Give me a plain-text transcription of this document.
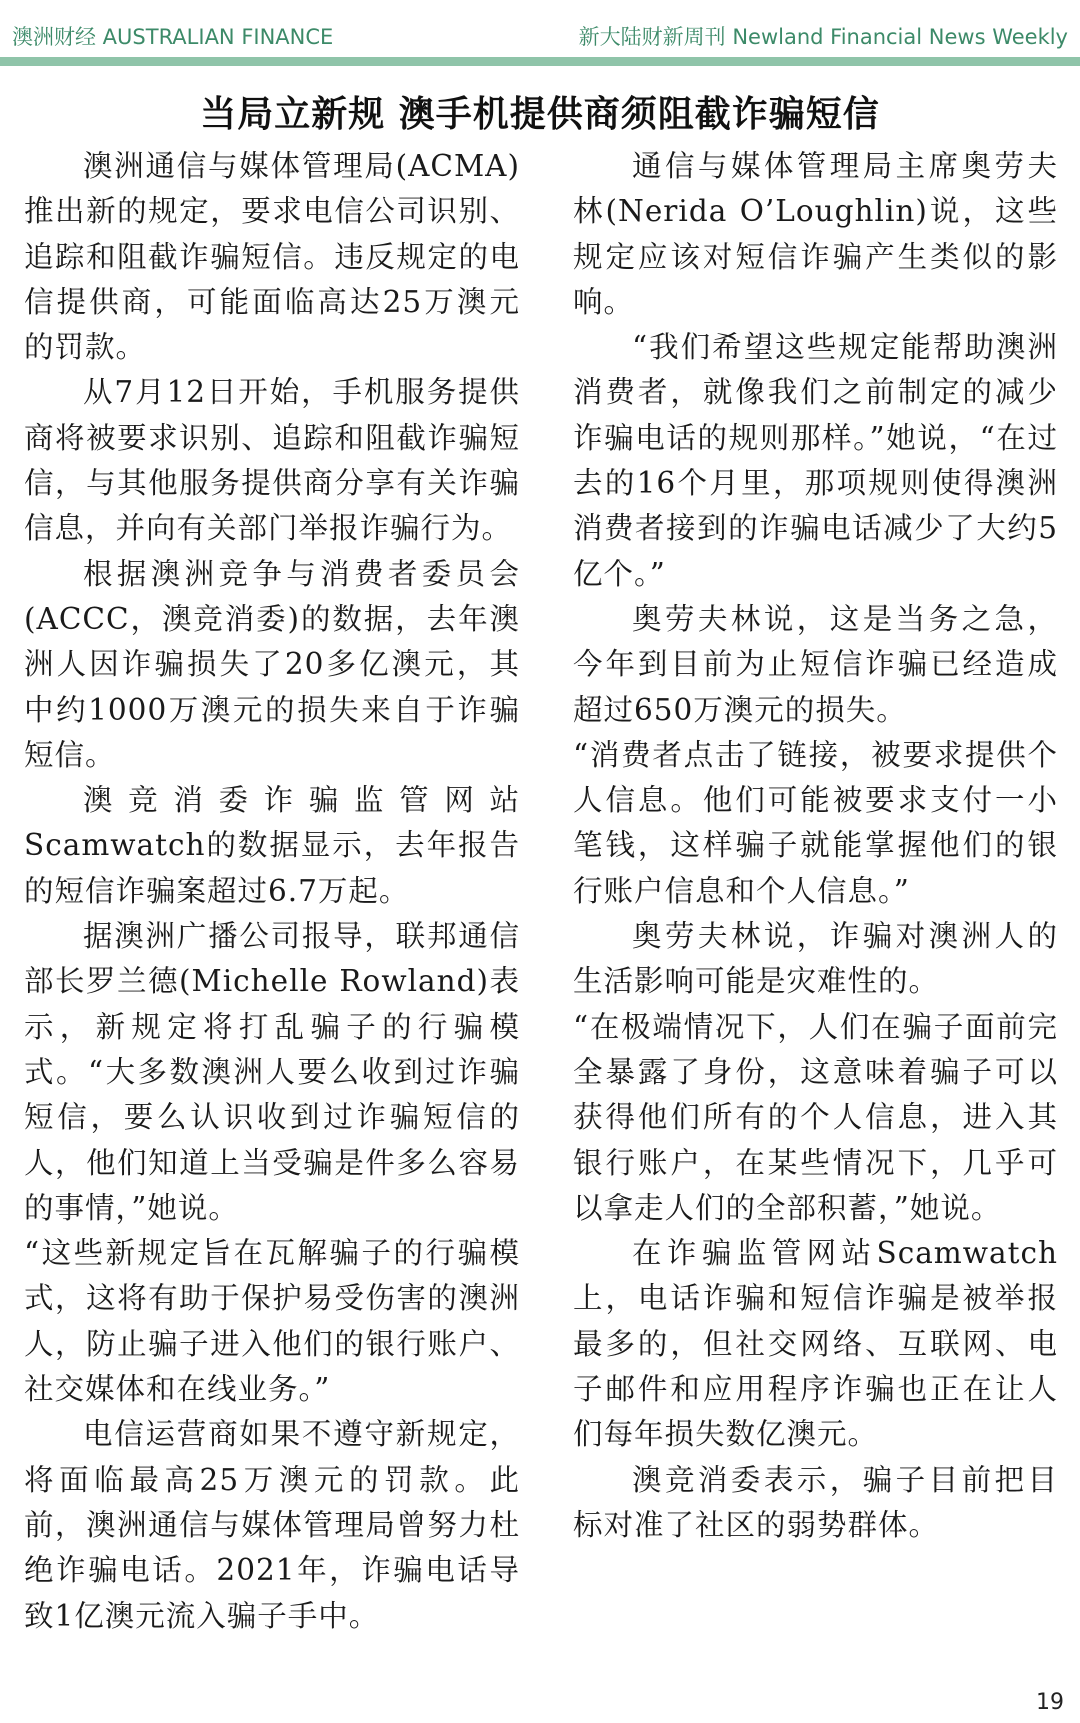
澳洲财经 AUSTRALIAN FINANCE	新大陆财新周刊 Newland Financial News Weekly
当局立新规 澳手机提供商须阻截诈骗短信

澳洲通信与媒体管理局(ACMA)推出新的规定，要求电信公司识别、追踪和阻截诈骗短信。违反规定的电信提供商，可能面临高达25万澳元的罚款。

从7月12日开始，手机服务提供商将被要求识别、追踪和阻截诈骗短信，与其他服务提供商分享有关诈骗信息，并向有关部门举报诈骗行为。

根据澳洲竞争与消费者委员会(ACCC，澳竞消委)的数据，去年澳洲人因诈骗损失了20多亿澳元，其中约1000万澳元的损失来自于诈骗短信。

澳竞消委诈骗监管网站Scamwatch的数据显示，去年报告的短信诈骗案超过6.7万起。

据澳洲广播公司报导，联邦通信部长罗兰德(Michelle Rowland)表示，新规定将打乱骗子的行骗模式。“大多数澳洲人要么收到过诈骗短信，要么认识收到过诈骗短信的人，他们知道上当受骗是件多么容易的事情，”她说。

“这些新规定旨在瓦解骗子的行骗模式，这将有助于保护易受伤害的澳洲人，防止骗子进入他们的银行账户、社交媒体和在线业务。”

电信运营商如果不遵守新规定，将面临最高25万澳元的罚款。此前，澳洲通信与媒体管理局曾努力杜绝诈骗电话。2021年，诈骗电话导致1亿澳元流入骗子手中。

通信与媒体管理局主席奥劳夫林(Nerida O’Loughlin)说，这些规定应该对短信诈骗产生类似的影响。

“我们希望这些规定能帮助澳洲消费者，就像我们之前制定的减少诈骗电话的规则那样。”她说，“在过去的16个月里，那项规则使得澳洲消费者接到的诈骗电话减少了大约5亿个。”

奥劳夫林说，这是当务之急，今年到目前为止短信诈骗已经造成超过650万澳元的损失。

“消费者点击了链接，被要求提供个人信息。他们可能被要求支付一小笔钱，这样骗子就能掌握他们的银行账户信息和个人信息。”

奥劳夫林说，诈骗对澳洲人的生活影响可能是灾难性的。

“在极端情况下，人们在骗子面前完全暴露了身份，这意味着骗子可以获得他们所有的个人信息，进入其银行账户，在某些情况下，几乎可以拿走人们的全部积蓄，”她说。

在诈骗监管网站Scamwatch上，电话诈骗和短信诈骗是被举报最多的，但社交网络、互联网、电子邮件和应用程序诈骗也正在让人们每年损失数亿澳元。

澳竞消委表示，骗子目前把目标对准了社区的弱势群体。

19
